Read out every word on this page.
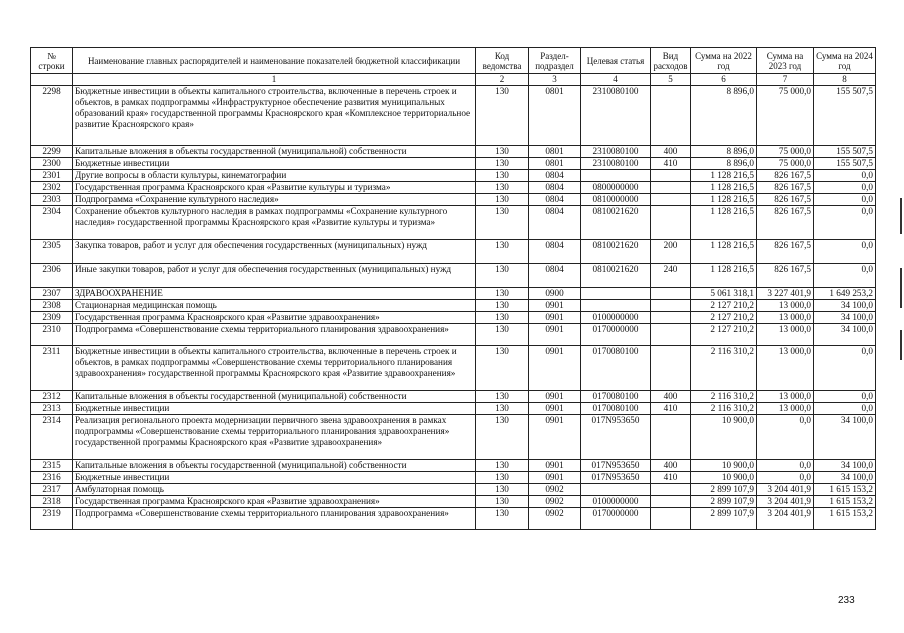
№ строки	Наименование главных распорядителей и наименование показателей бюджетной классификации	Код ведомства	Раздел-подраздел	Целевая статья	Вид расходов	Сумма на 2022 год	Сумма на 2023 год	Сумма на 2024 год
	1	2	3	4	5	6	7	8
2298	Бюджетные инвестиции в объекты капитального строительства, включенные в перечень строек и объектов, в рамках подпрограммы «Инфраструктурное обеспечение развития муниципальных образований края» государственной программы Красноярского края «Комплексное территориальное развитие Красноярского края»	130	0801	2310080100		8 896,0	75 000,0	155 507,5
2299	Капитальные вложения в объекты государственной (муниципальной) собственности	130	0801	2310080100	400	8 896,0	75 000,0	155 507,5
2300	Бюджетные инвестиции	130	0801	2310080100	410	8 896,0	75 000,0	155 507,5
2301	Другие вопросы в области культуры, кинематографии	130	0804			1 128 216,5	826 167,5	0,0
2302	Государственная программа Красноярского края «Развитие культуры и туризма»	130	0804	0800000000		1 128 216,5	826 167,5	0,0
2303	Подпрограмма «Сохранение культурного наследия»	130	0804	0810000000		1 128 216,5	826 167,5	0,0
2304	Сохранение объектов культурного наследия в рамках подпрограммы «Сохранение культурного наследия» государственной программы Красноярского края «Развитие культуры и туризма»	130	0804	0810021620		1 128 216,5	826 167,5	0,0
2305	Закупка товаров, работ и услуг для обеспечения государственных (муниципальных) нужд	130	0804	0810021620	200	1 128 216,5	826 167,5	0,0
2306	Иные закупки товаров, работ и услуг для обеспечения государственных (муниципальных) нужд	130	0804	0810021620	240	1 128 216,5	826 167,5	0,0
2307	ЗДРАВООХРАНЕНИЕ	130	0900			5 061 318,1	3 227 401,9	1 649 253,2
2308	Стационарная медицинская помощь	130	0901			2 127 210,2	13 000,0	34 100,0
2309	Государственная программа Красноярского края «Развитие здравоохранения»	130	0901	0100000000		2 127 210,2	13 000,0	34 100,0
2310	Подпрограмма «Совершенствование схемы территориального планирования здравоохранения»	130	0901	0170000000		2 127 210,2	13 000,0	34 100,0
2311	Бюджетные инвестиции в объекты капитального строительства, включенные в перечень строек и объектов, в рамках подпрограммы «Совершенствование схемы территориального планирования здравоохранения» государственной программы Красноярского края «Развитие здравоохранения»	130	0901	0170080100		2 116 310,2	13 000,0	0,0
2312	Капитальные вложения в объекты государственной (муниципальной) собственности	130	0901	0170080100	400	2 116 310,2	13 000,0	0,0
2313	Бюджетные инвестиции	130	0901	0170080100	410	2 116 310,2	13 000,0	0,0
2314	Реализация регионального проекта модернизации первичного звена здравоохранения в рамках подпрограммы «Совершенствование схемы территориального планирования здравоохранения» государственной программы Красноярского края «Развитие здравоохранения»	130	0901	017N953650		10 900,0	0,0	34 100,0
2315	Капитальные вложения в объекты государственной (муниципальной) собственности	130	0901	017N953650	400	10 900,0	0,0	34 100,0
2316	Бюджетные инвестиции	130	0901	017N953650	410	10 900,0	0,0	34 100,0
2317	Амбулаторная помощь	130	0902			2 899 107,9	3 204 401,9	1 615 153,2
2318	Государственная программа Красноярского края «Развитие здравоохранения»	130	0902	0100000000		2 899 107,9	3 204 401,9	1 615 153,2
2319	Подпрограмма «Совершенствование схемы территориального планирования здравоохранения»	130	0902	0170000000		2 899 107,9	3 204 401,9	1 615 153,2
233
